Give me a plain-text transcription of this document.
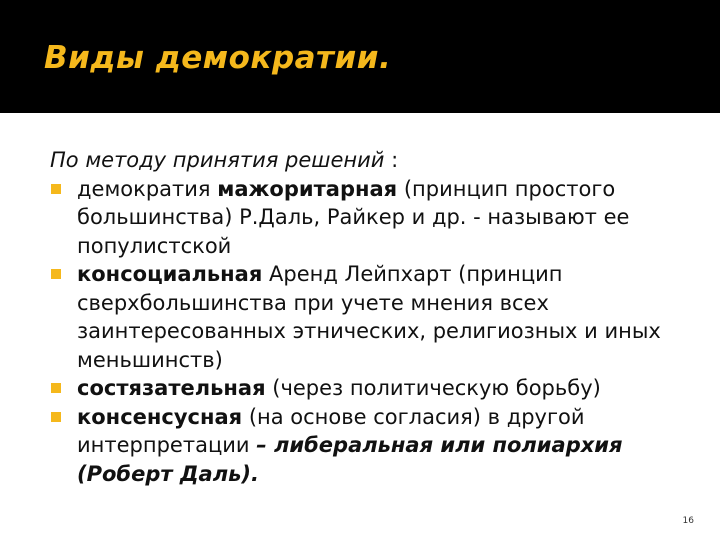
Виды демократии.
По методу принятия решений :
демократия мажоритарная (принцип простого большинства) Р.Даль, Райкер и др. - называют ее популистской
консоциальная Аренд Лейпхарт (принцип сверхбольшинства при учете мнения всех заинтересованных этнических, религиозных и иных меньшинств)
состязательная (через политическую борьбу)
консенсусная (на основе согласия) в другой интерпретации – либеральная или полиархия (Роберт Даль).
16
